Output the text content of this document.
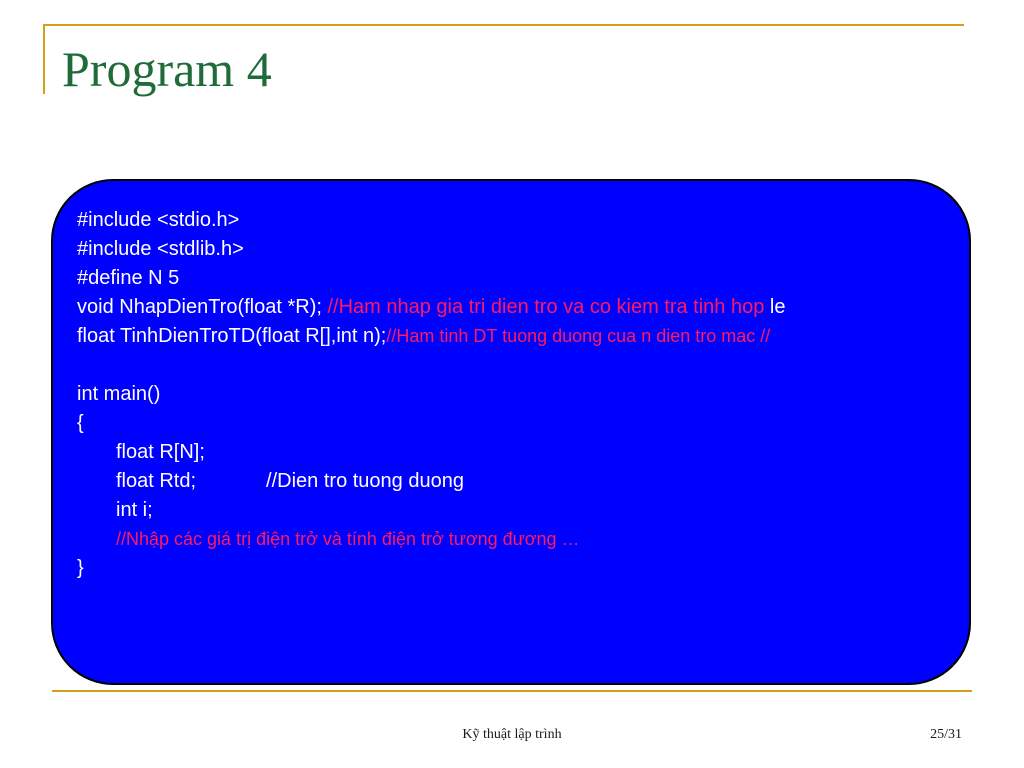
Program 4
#include <stdio.h>
#include <stdlib.h>
#define N 5
void NhapDienTro(float *R); //Ham nhap gia tri dien tro va co kiem tra tinh hop le
float TinhDienTroTD(float R[],int n);//Ham tinh DT tuong duong cua n dien tro mac //
int main()
{
float R[N];
float Rtd;	//Dien tro tuong duong
int i;
//Nhập các giá trị điện trở và tính điện trở tương đương …
}
Kỹ thuật lập trình	25/31
